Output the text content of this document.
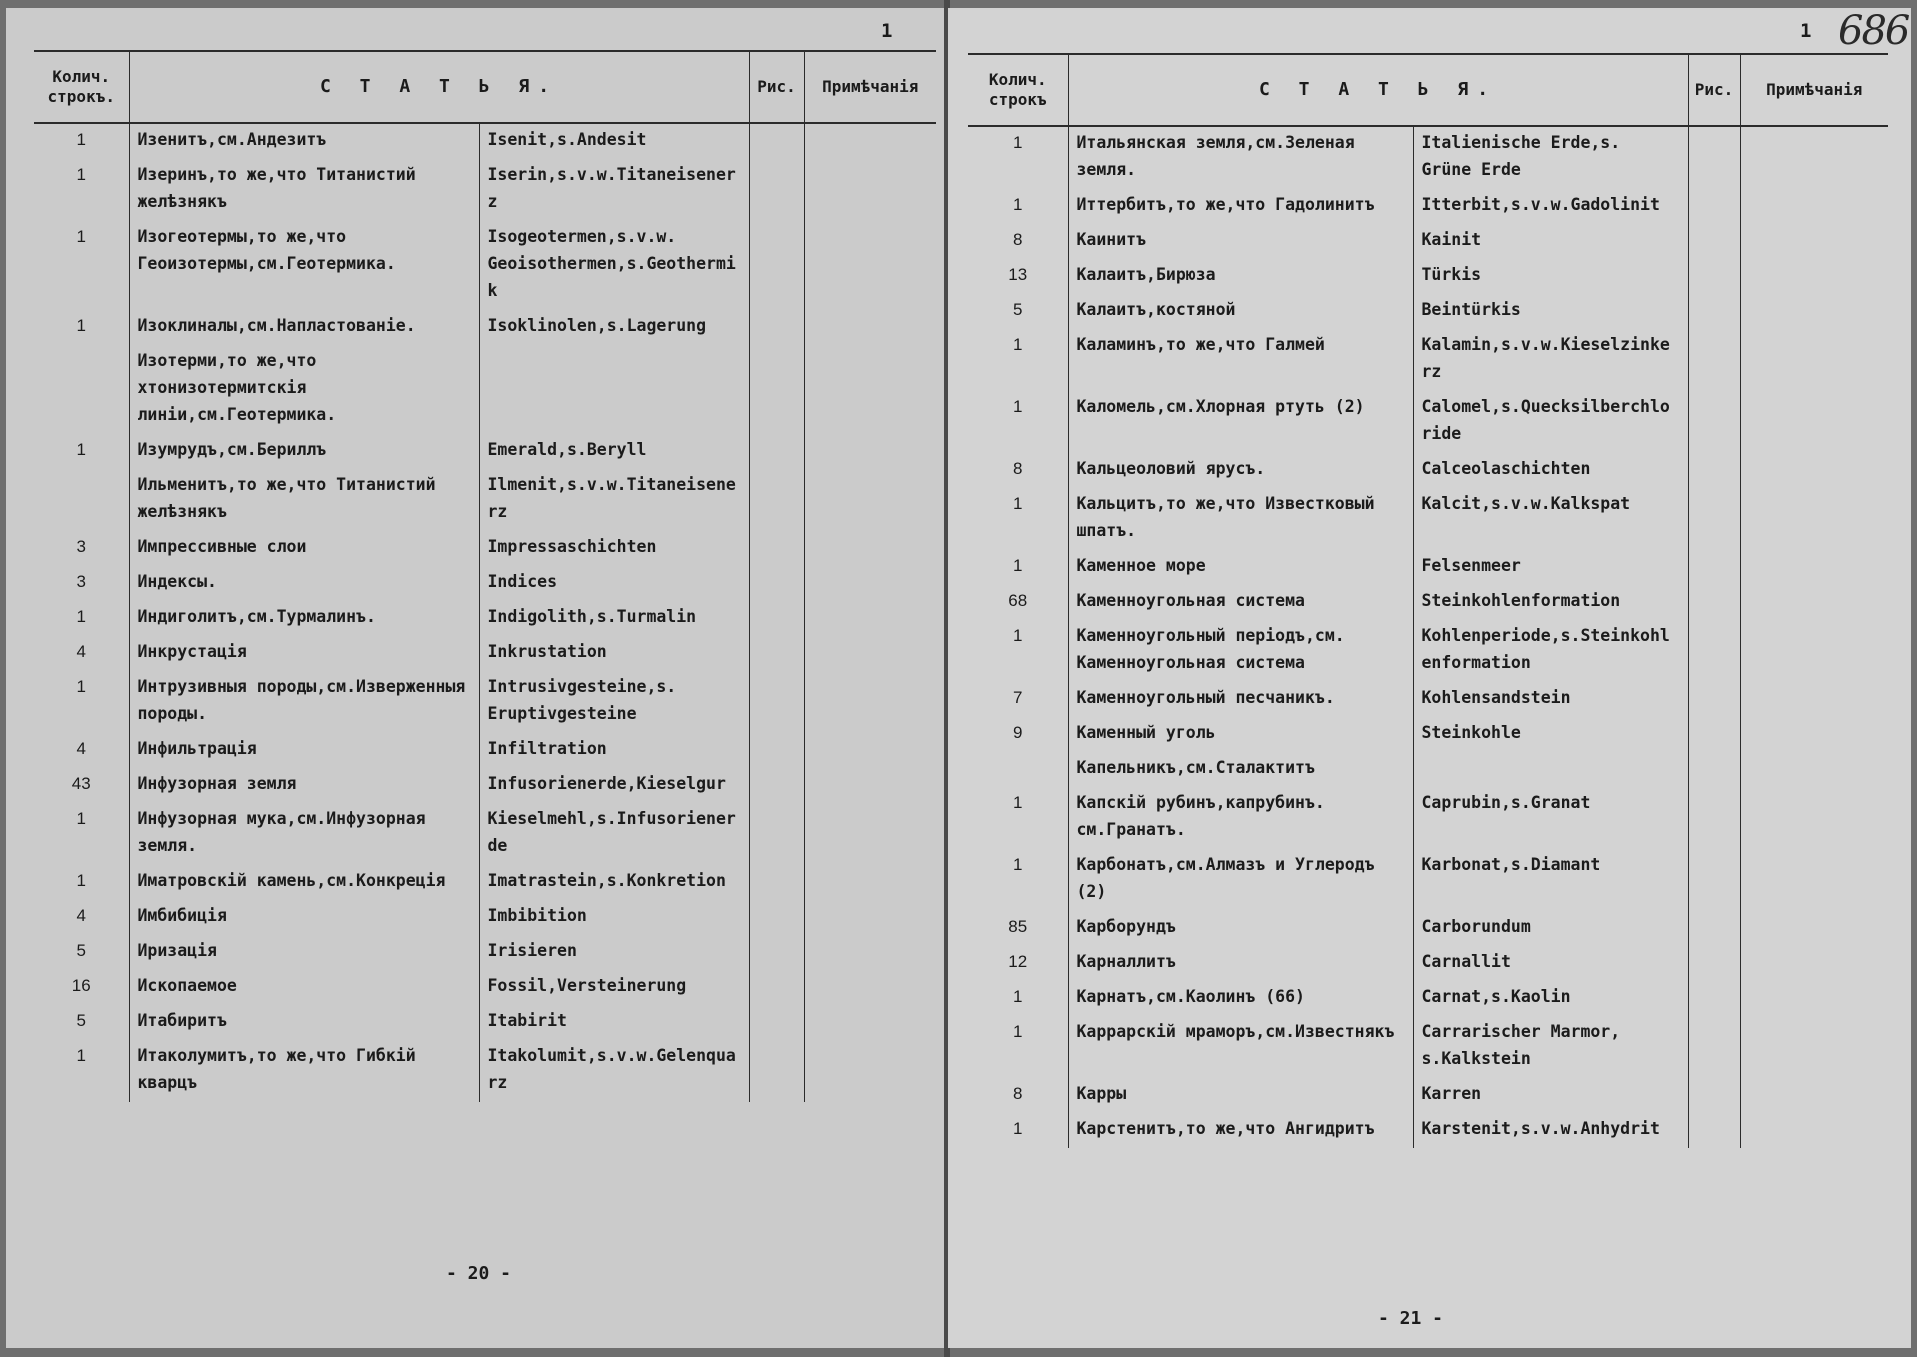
1
Колич. строкъ.	С Т А Т Ь Я.		Рис.	Примѣчанія
1	Изенитъ,см.Андезитъ	Isenit,s.Andesit		
1	Изеринъ,то же,что Титанистий желѣзнякъ	Iserin,s.v.w.Titaneisenerz		
1	Изогеотермы,то же,что Геоизотермы,см.Геотермика.	Isogeotermen,s.v.w. Geoisothermen,s.Geothermik		
1	Изоклиналы,см.Напластованіе.	Isoklinolen,s.Lagerung		
	Изотерми,то же,что хтонизотермитскія линіи,см.Геотермика.			
1	Изумрудъ,см.Бериллъ	Emerald,s.Beryll		
	Ильменитъ,то же,что Титанистий желѣзнякъ	Ilmenit,s.v.w.Titaneisenerz		
3	Импрессивные слои	Impressaschichten		
3	Индексы.	Indices		
1	Индиголитъ,см.Турмалинъ.	Indigolith,s.Turmalin		
4	Инкрустація	Inkrustation		
1	Интрузивныя породы,см.Изверженныя породы.	Intrusivgesteine,s. Eruptivgesteine		
4	Инфильтрація	Infiltration		
43	Инфузорная земля	Infusorienerde,Kieselgur		
1	Инфузорная мука,см.Инфузорная земля.	Kieselmehl,s.Infusorienerde		
1	Иматровскій камень,см.Конкреція	Imatrastein,s.Konkretion		
4	Имбибиція	Imbibition		
5	Иризація	Irisieren		
16	Ископаемое	Fossil,Versteinerung		
5	Итабиритъ	Itabirit		
1	Итаколумитъ,то же,что Гибкій кварцъ	Itakolumit,s.v.w.Gelenquarz		
- 20 -
1 686
Колич. строкъ	С Т А Т Ь Я.		Рис.	Примѣчанія
1	Итальянская земля,см.Зеленая земля.	Italienische Erde,s. Grüne Erde		
1	Иттербитъ,то же,что Гадолинитъ	Itterbit,s.v.w.Gadolinit		
8	Каинитъ	Kainit		
13	Калаитъ,Бирюза	Türkis		
5	Калаитъ,костяной	Beintürkis		
1	Каламинъ,то же,что Галмей	Kalamin,s.v.w.Kieselzinkerz		
1	Каломель,см.Хлорная ртуть (2)	Calomel,s.Quecksilberchloride		
8	Кальцеоловий ярусъ.	Calceolaschichten		
1	Кальцитъ,то же,что Известковый шпатъ.	Kalcit,s.v.w.Kalkspat		
1	Каменное море	Felsenmeer		
68	Каменноугольная система	Steinkohlenformation		
1	Каменноугольный періодъ,см. Каменноугольная система	Kohlenperiode,s.Steinkohlenformation		
7	Каменноугольный песчаникъ.	Kohlensandstein		
9	Каменный уголь	Steinkohle		
	Капельникъ,см.Сталактитъ			
1	Капскій рубинъ,капрубинъ. см.Гранатъ.	Caprubin,s.Granat		
1	Карбонатъ,см.Алмазъ и Углеродъ (2)	Karbonat,s.Diamant		
85	Карборундъ	Carborundum		
12	Карналлитъ	Carnallit		
1	Карнатъ,см.Каолинъ (66)	Carnat,s.Kaolin		
1	Каррарскій мраморъ,см.Известнякъ	Carrarischer Marmor, s.Kalkstein		
8	Карры	Karren		
1	Карстенитъ,то же,что Ангидритъ	Karstenit,s.v.w.Anhydrit		
- 21 -
